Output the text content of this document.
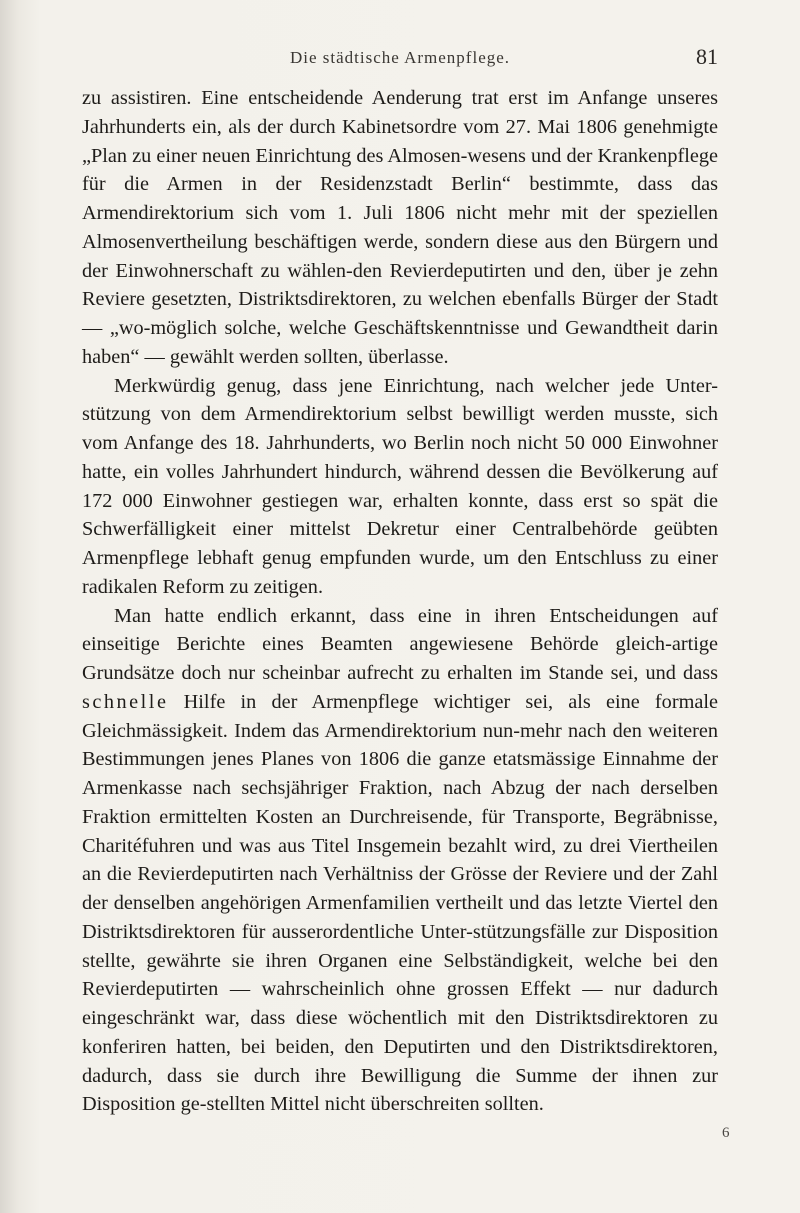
Die städtische Armenpflege.	81

zu assistiren. Eine entscheidende Aenderung trat erst im Anfange unseres Jahrhunderts ein, als der durch Kabinetsordre vom 27. Mai 1806 genehmigte „Plan zu einer neuen Einrichtung des Almosen-wesens und der Krankenpflege für die Armen in der Residenzstadt Berlin“ bestimmte, dass das Armendirektorium sich vom 1. Juli 1806 nicht mehr mit der speziellen Almosenvertheilung beschäftigen werde, sondern diese aus den Bürgern und der Einwohnerschaft zu wählen-den Revierdeputirten und den, über je zehn Reviere gesetzten, Distriktsdirektoren, zu welchen ebenfalls Bürger der Stadt — „wo-möglich solche, welche Geschäftskenntnisse und Gewandtheit darin haben“ — gewählt werden sollten, überlasse.

Merkwürdig genug, dass jene Einrichtung, nach welcher jede Unter-stützung von dem Armendirektorium selbst bewilligt werden musste, sich vom Anfange des 18. Jahrhunderts, wo Berlin noch nicht 50 000 Einwohner hatte, ein volles Jahrhundert hindurch, während dessen die Bevölkerung auf 172 000 Einwohner gestiegen war, erhalten konnte, dass erst so spät die Schwerfälligkeit einer mittelst Dekretur einer Centralbehörde geübten Armenpflege lebhaft genug empfunden wurde, um den Entschluss zu einer radikalen Reform zu zeitigen.

Man hatte endlich erkannt, dass eine in ihren Entscheidungen auf einseitige Berichte eines Beamten angewiesene Behörde gleich-artige Grundsätze doch nur scheinbar aufrecht zu erhalten im Stande sei, und dass schnelle Hilfe in der Armenpflege wichtiger sei, als eine formale Gleichmässigkeit. Indem das Armendirektorium nun-mehr nach den weiteren Bestimmungen jenes Planes von 1806 die ganze etatsmässige Einnahme der Armenkasse nach sechsjähriger Fraktion, nach Abzug der nach derselben Fraktion ermittelten Kosten an Durchreisende, für Transporte, Begräbnisse, Charitéfuhren und was aus Titel Insgemein bezahlt wird, zu drei Viertheilen an die Revierdeputirten nach Verhältniss der Grösse der Reviere und der Zahl der denselben angehörigen Armenfamilien vertheilt und das letzte Viertel den Distriktsdirektoren für ausserordentliche Unter-stützungsfälle zur Disposition stellte, gewährte sie ihren Organen eine Selbständigkeit, welche bei den Revierdeputirten — wahrscheinlich ohne grossen Effekt — nur dadurch eingeschränkt war, dass diese wöchentlich mit den Distriktsdirektoren zu konferiren hatten, bei beiden, den Deputirten und den Distriktsdirektoren, dadurch, dass sie durch ihre Bewilligung die Summe der ihnen zur Disposition ge-stellten Mittel nicht überschreiten sollten.

6
